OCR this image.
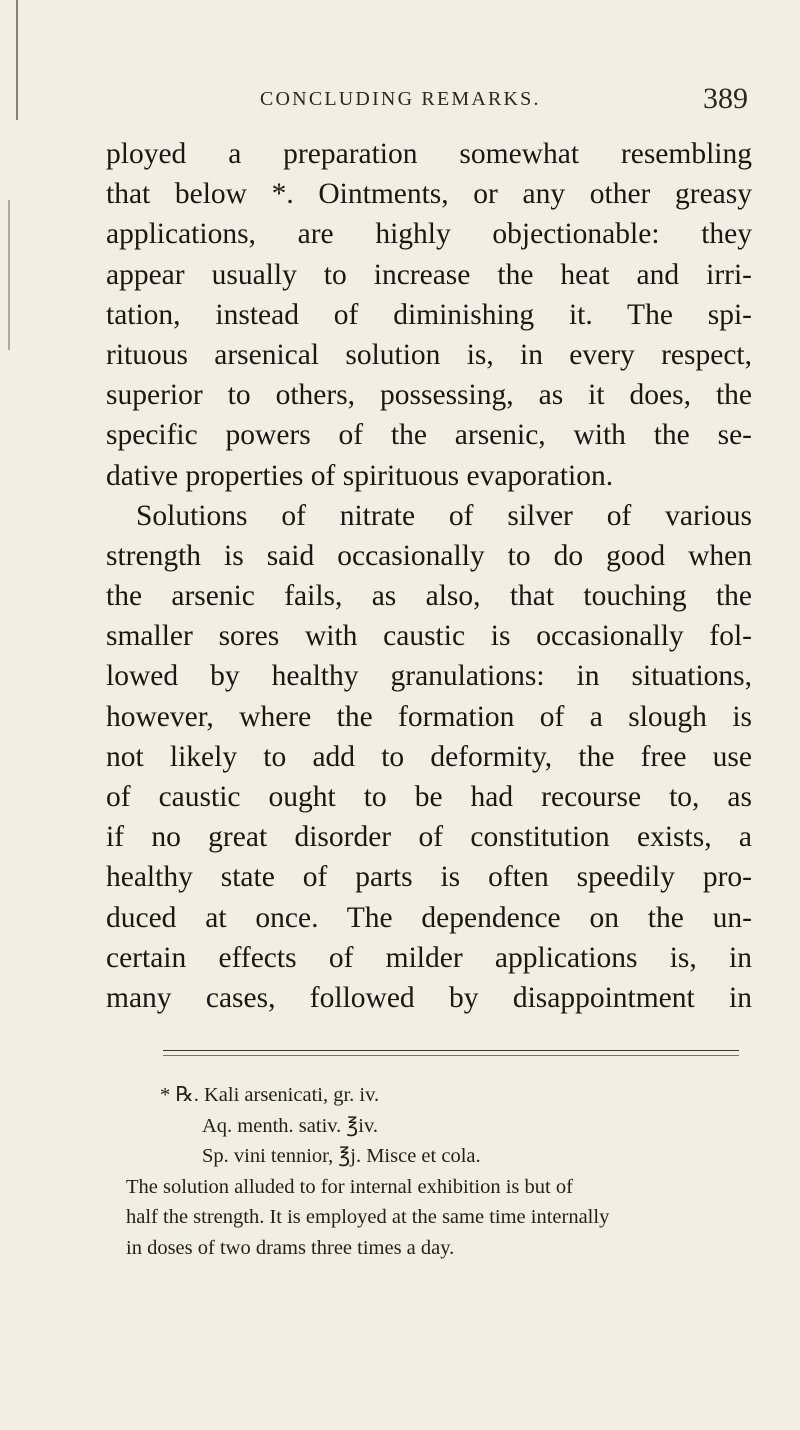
CONCLUDING REMARKS.	389
ployed a preparation somewhat resembling
that below *. Ointments, or any other greasy
applications, are highly objectionable: they
appear usually to increase the heat and irri-
tation, instead of diminishing it. The spi-
rituous arsenical solution is, in every respect,
superior to others, possessing, as it does, the
specific powers of the arsenic, with the se-
dative properties of spirituous evaporation.
Solutions of nitrate of silver of various
strength is said occasionally to do good when
the arsenic fails, as also, that touching the
smaller sores with caustic is occasionally fol-
lowed by healthy granulations: in situations,
however, where the formation of a slough is
not likely to add to deformity, the free use
of caustic ought to be had recourse to, as
if no great disorder of constitution exists, a
healthy state of parts is often speedily pro-
duced at once. The dependence on the un-
certain effects of milder applications is, in
many cases, followed by disappointment in
* ℞. Kali arsenicati, gr. iv.
Aq. menth. sativ. ℥iv.
Sp. vini tennior, ℥j. Misce et cola.
The solution alluded to for internal exhibition is but of
half the strength. It is employed at the same time internally
in doses of two drams three times a day.
